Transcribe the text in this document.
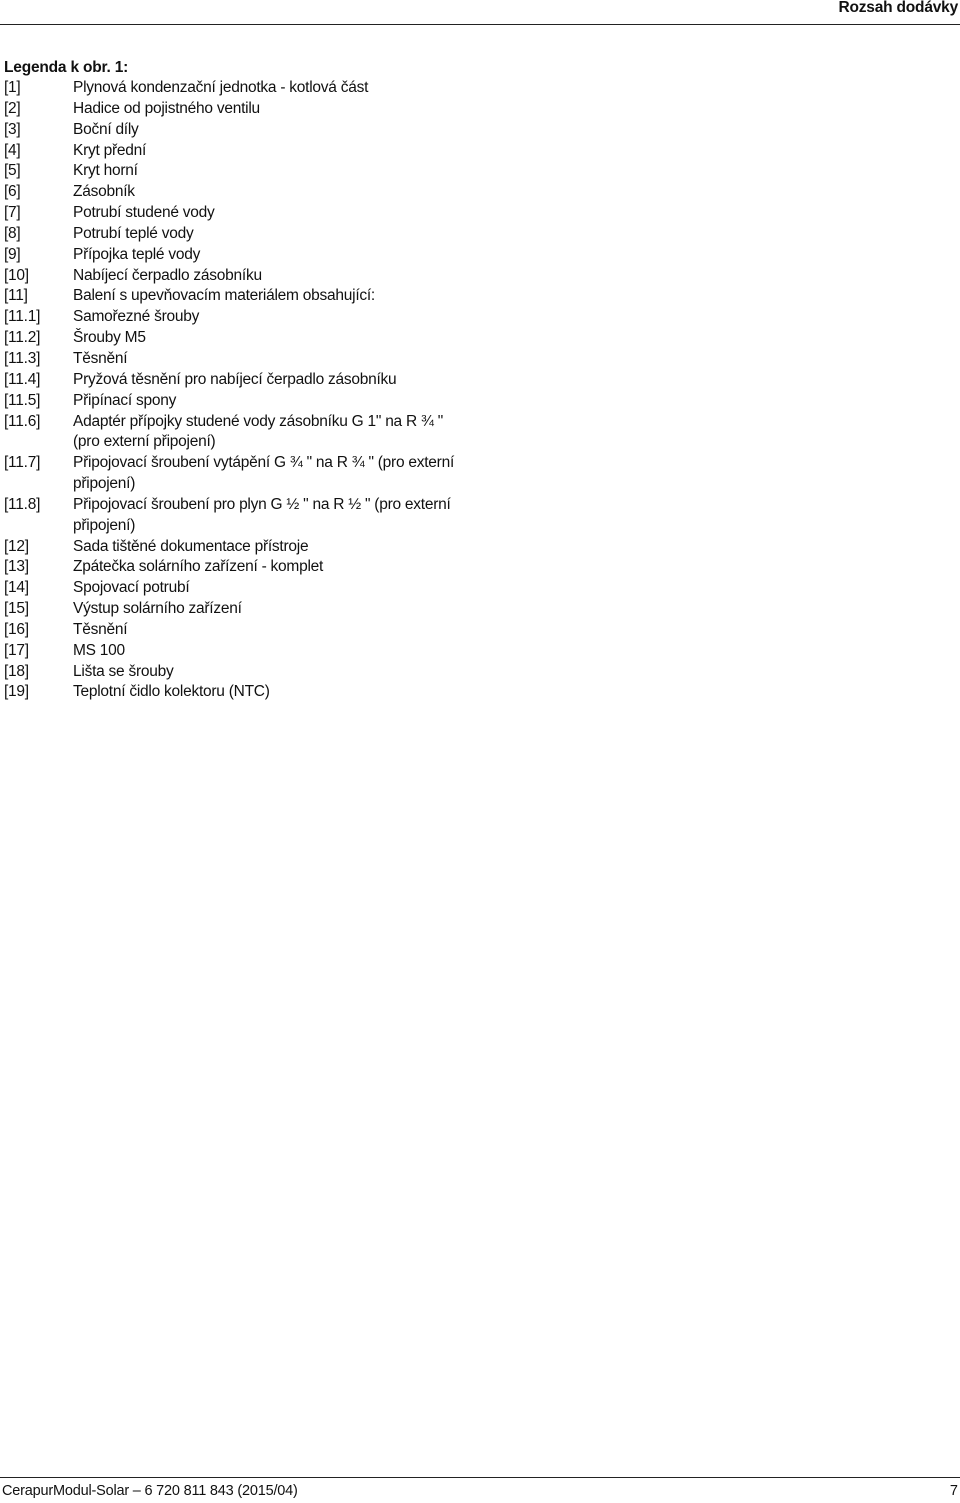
Rozsah dodávky
Legenda k obr. 1:
[1]	Plynová kondenzační jednotka - kotlová část
[2]	Hadice od pojistného ventilu
[3]	Boční díly
[4]	Kryt přední
[5]	Kryt horní
[6]	Zásobník
[7]	Potrubí studené vody
[8]	Potrubí teplé vody
[9]	Přípojka teplé vody
[10]	Nabíjecí čerpadlo zásobníku
[11]	Balení s upevňovacím materiálem obsahující:
[11.1]	Samořezné šrouby
[11.2]	Šrouby M5
[11.3]	Těsnění
[11.4]	Pryžová těsnění pro nabíjecí čerpadlo zásobníku
[11.5]	Připínací spony
[11.6]	Adaptér přípojky studené vody zásobníku G 1" na R ¾ " (pro externí připojení)
[11.7]	Připojovací šroubení vytápění G ¾ " na R ¾ " (pro externí připojení)
[11.8]	Připojovací šroubení pro plyn G ½ " na R ½ " (pro externí připojení)
[12]	Sada tištěné dokumentace přístroje
[13]	Zpátečka solárního zařízení - komplet
[14]	Spojovací potrubí
[15]	Výstup solárního zařízení
[16]	Těsnění
[17]	MS 100
[18]	Lišta se šrouby
[19]	Teplotní čidlo kolektoru (NTC)
CerapurModul-Solar – 6 720 811 843 (2015/04)	7
